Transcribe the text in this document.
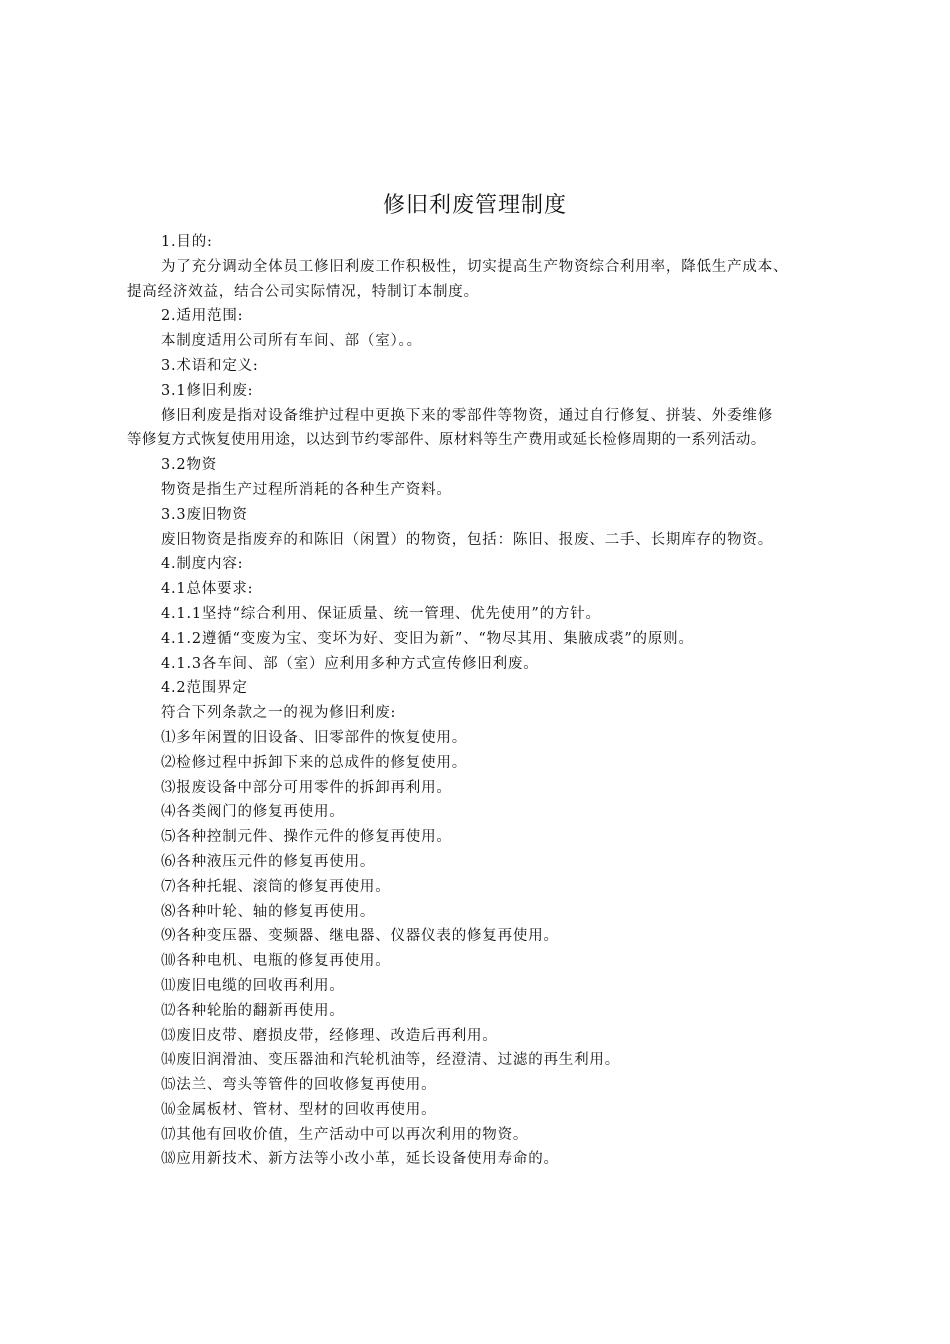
修旧利废管理制度
1.目的:
为了充分调动全体员工修旧利废工作积极性，切实提高生产物资综合利用率，降低生产成本、
提高经济效益，结合公司实际情况，特制订本制度。
2.适用范围:
本制度适用公司所有车间、部（室）。。
3.术语和定义:
3.1修旧利废:
修旧利废是指对设备维护过程中更换下来的零部件等物资，通过自行修复、拼装、外委维修
等修复方式恢复使用用途，以达到节约零部件、原材料等生产费用或延长检修周期的一系列活动。
3.2物资
物资是指生产过程所消耗的各种生产资料。
3.3废旧物资
废旧物资是指废弃的和陈旧（闲置）的物资，包括：陈旧、报废、二手、长期库存的物资。
4.制度内容:
4.1总体要求:
4.1.1坚持“综合利用、保证质量、统一管理、优先使用”的方针。
4.1.2遵循“变废为宝、变坏为好、变旧为新”、“物尽其用、集腋成裘”的原则。
4.1.3各车间、部（室）应利用多种方式宣传修旧利废。
4.2范围界定
符合下列条款之一的视为修旧利废:
⑴多年闲置的旧设备、旧零部件的恢复使用。
⑵检修过程中拆卸下来的总成件的修复使用。
⑶报废设备中部分可用零件的拆卸再利用。
⑷各类阀门的修复再使用。
⑸各种控制元件、操作元件的修复再使用。
⑹各种液压元件的修复再使用。
⑺各种托辊、滚筒的修复再使用。
⑻各种叶轮、轴的修复再使用。
⑼各种变压器、变频器、继电器、仪器仪表的修复再使用。
⑽各种电机、电瓶的修复再使用。
⑾废旧电缆的回收再利用。
⑿各种轮胎的翻新再使用。
⒀废旧皮带、磨损皮带，经修理、改造后再利用。
⒁废旧润滑油、变压器油和汽轮机油等，经澄清、过滤的再生利用。
⒂法兰、弯头等管件的回收修复再使用。
⒃金属板材、管材、型材的回收再使用。
⒄其他有回收价值，生产活动中可以再次利用的物资。
⒅应用新技术、新方法等小改小革，延长设备使用寿命的。
